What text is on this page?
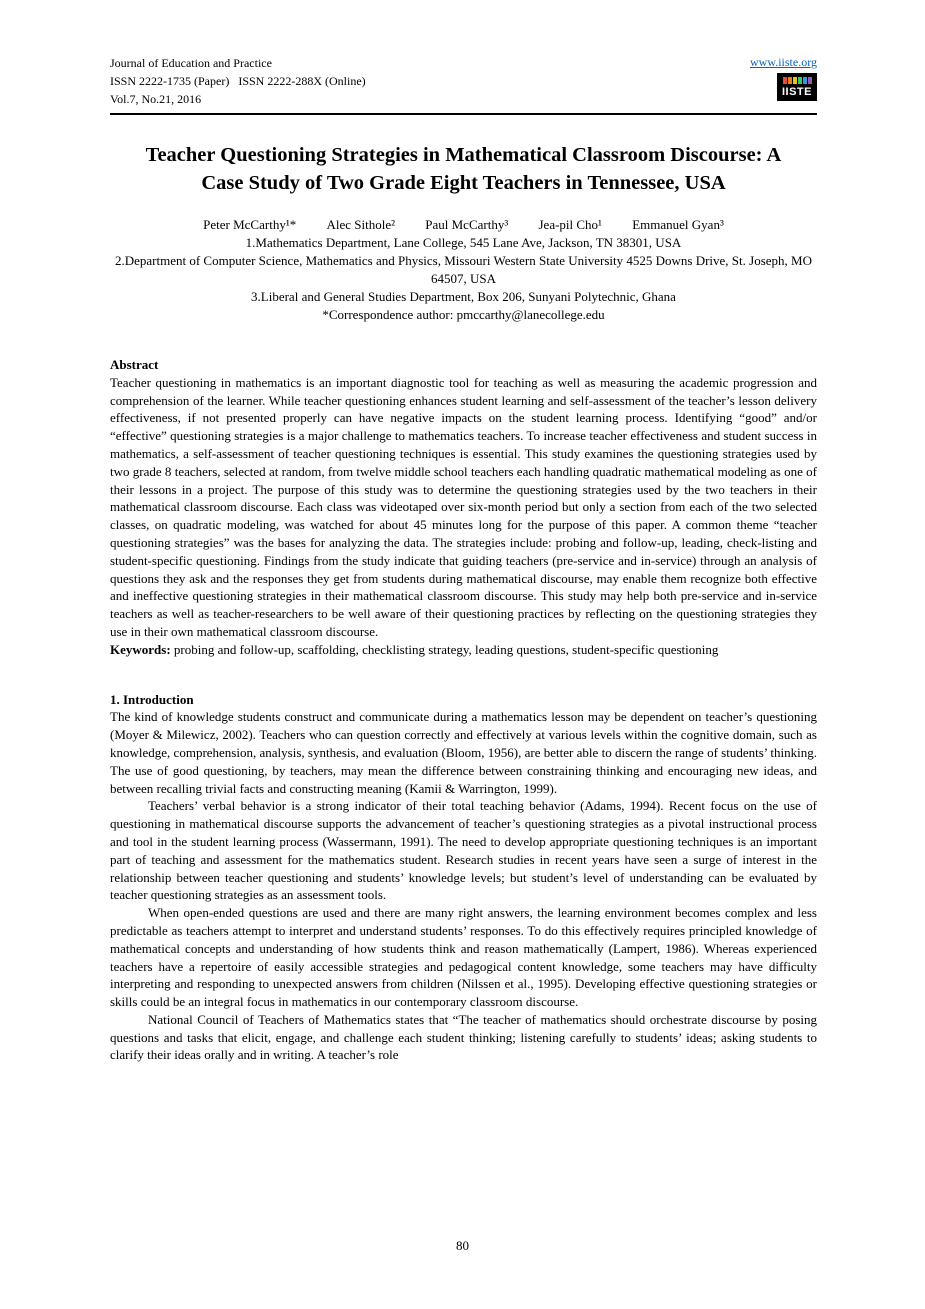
Journal of Education and Practice
ISSN 2222-1735 (Paper)   ISSN 2222-288X (Online)
Vol.7, No.21, 2016
www.iiste.org
IISTE
Teacher Questioning Strategies in Mathematical Classroom Discourse: A Case Study of Two Grade Eight Teachers in Tennessee, USA
Peter McCarthy¹* Alec Sithole² Paul McCarthy³ Jea-pil Cho¹ Emmanuel Gyan³
1.Mathematics Department, Lane College, 545 Lane Ave, Jackson, TN 38301, USA
2.Department of Computer Science, Mathematics and Physics, Missouri Western State University 4525 Downs Drive, St. Joseph, MO 64507, USA
3.Liberal and General Studies Department, Box 206, Sunyani Polytechnic, Ghana
*Correspondence author: pmccarthy@lanecollege.edu
Abstract

Teacher questioning in mathematics is an important diagnostic tool for teaching as well as measuring the academic progression and comprehension of the learner. While teacher questioning enhances student learning and self-assessment of the teacher’s lesson delivery effectiveness, if not presented properly can have negative impacts on the student learning process. Identifying “good” and/or “effective” questioning strategies is a major challenge to mathematics teachers. To increase teacher effectiveness and student success in mathematics, a self-assessment of teacher questioning techniques is essential. This study examines the questioning strategies used by two grade 8 teachers, selected at random, from twelve middle school teachers each handling quadratic mathematical modeling as one of their lessons in a project. The purpose of this study was to determine the questioning strategies used by the two teachers in their mathematical classroom discourse. Each class was videotaped over six-month period but only a section from each of the two selected classes, on quadratic modeling, was watched for about 45 minutes long for the purpose of this paper. A common theme “teacher questioning strategies” was the bases for analyzing the data. The strategies include: probing and follow-up, leading, check-listing and student-specific questioning. Findings from the study indicate that guiding teachers (pre-service and in-service) through an analysis of questions they ask and the responses they get from students during mathematical discourse, may enable them recognize both effective and ineffective questioning strategies in their mathematical classroom discourse. This study may help both pre-service and in-service teachers as well as teacher-researchers to be well aware of their questioning practices by reflecting on the questioning strategies they use in their own mathematical classroom discourse.

Keywords: probing and follow-up, scaffolding, checklisting strategy, leading questions, student-specific questioning

1. Introduction

The kind of knowledge students construct and communicate during a mathematics lesson may be dependent on teacher’s questioning (Moyer & Milewicz, 2002). Teachers who can question correctly and effectively at various levels within the cognitive domain, such as knowledge, comprehension, analysis, synthesis, and evaluation (Bloom, 1956), are better able to discern the range of students’ thinking. The use of good questioning, by teachers, may mean the difference between constraining thinking and encouraging new ideas, and between recalling trivial facts and constructing meaning (Kamii & Warrington, 1999).

Teachers’ verbal behavior is a strong indicator of their total teaching behavior (Adams, 1994). Recent focus on the use of questioning in mathematical discourse supports the advancement of teacher’s questioning strategies as a pivotal instructional process and tool in the student learning process (Wassermann, 1991). The need to develop appropriate questioning techniques is an important part of teaching and assessment for the mathematics student. Research studies in recent years have seen a surge of interest in the relationship between teacher questioning and students’ knowledge levels; but student’s level of understanding can be evaluated by teacher questioning strategies as an assessment tools.

When open-ended questions are used and there are many right answers, the learning environment becomes complex and less predictable as teachers attempt to interpret and understand students’ responses. To do this effectively requires principled knowledge of mathematical concepts and understanding of how students think and reason mathematically (Lampert, 1986). Whereas experienced teachers have a repertoire of easily accessible strategies and pedagogical content knowledge, some teachers may have difficulty interpreting and responding to unexpected answers from children (Nilssen et al., 1995). Developing effective questioning strategies or skills could be an integral focus in mathematics in our contemporary classroom discourse.

National Council of Teachers of Mathematics states that “The teacher of mathematics should orchestrate discourse by posing questions and tasks that elicit, engage, and challenge each student thinking; listening carefully to students’ ideas; asking students to clarify their ideas orally and in writing. A teacher’s role

80
